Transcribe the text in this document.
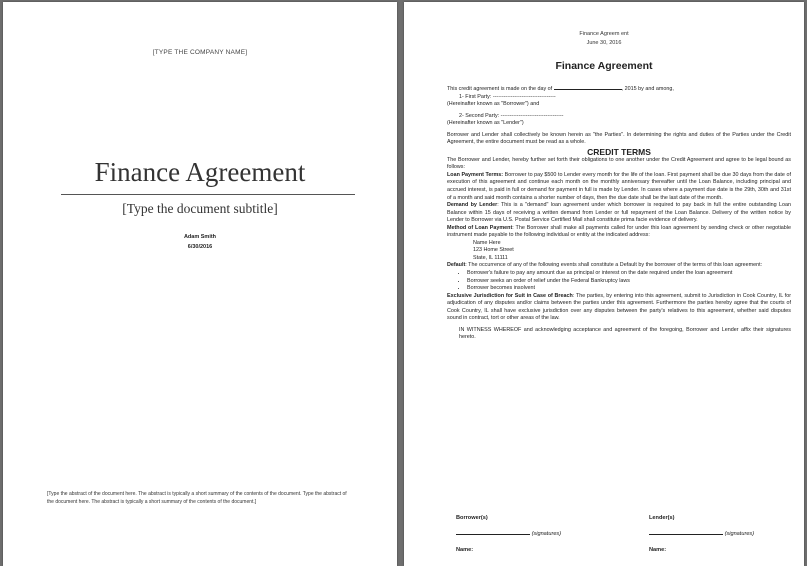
[TYPE THE COMPANY NAME]
Finance Agreement
[Type the document subtitle]
Adam Smith
6/30/2016
[Type the abstract of the document here. The abstract is typically a short summary of the contents of the document. Type the abstract of the document here. The abstract is typically a short summary of the contents of the document.]
Finance Agreem ent
June 30, 2016
Finance Agreement

This credit agreement is made on the day of	, 2015 by and among,

1- First Party: -----------------------------------

(Hereinafter known as "Borrower") and

2- Second Party: -----------------------------------

(Hereinafter known as "Lender")

Borrower and Lender shall collectively be known herein as "the Parties". In determining the rights and duties of the Parties under the Credit Agreement, the entire document must be read as a whole.

CREDIT TERMS

The Borrower and Lender, hereby further set forth their obligations to one another under the Credit Agreement and agree to be legal bound as follows:

Loan Payment Terms: Borrower to pay $500 to Lender every month for the life of the loan. First payment shall be due 30 days from the date of execution of this agreement and continue each month on the monthly anniversary thereafter until the Loan Balance, including principal and accrued interest, is paid in full or demand for payment in full is made by Lender. In cases where a payment due date is the 29th, 30th and 31st of a month and said month contains a shorter number of days, then the due date shall be the last date of the month.

Demand by Lender: This is a "demand" loan agreement under which borrower is required to pay back in full the entire outstanding Loan Balance within 15 days of receiving a written demand from Lender or full repayment of the Loan Balance. Delivery of the written notice by Lender to Borrower via U.S. Postal Service Certified Mail shall constitute prima facie evidence of delivery.

Method of Loan Payment: The Borrower shall make all payments called for under this loan agreement by sending check or other negotiable instrument made payable to the following individual or entity at the indicated address:

Name Here

123 Home Street

State, IL 11111

Default: The occurrence of any of the following events shall constitute a Default by the borrower of the terms of this loan agreement:

• Borrower's failure to pay any amount due as principal or interest on the date required under the loan agreement
• Borrower seeks an order of relief under the Federal Bankruptcy laws
• Borrower becomes insolvent

Exclusive Jurisdiction for Suit in Case of Breach: The parties, by entering into this agreement, submit to Jurisdiction in Cook Country, IL for adjudication of any disputes and/or claims between the parties under this agreement. Furthermore the parties hereby agree that the courts of Cook Country, IL shall have exclusive jurisdiction over any disputes between the party's relatives to this agreement, whether said disputes sound in contract, tort or other areas of the law.

IN WITNESS WHEREOF and acknowledging acceptance and agreement of the foregoing, Borrower and Lender affix their signatures hereto.

Borrower(s)	Lender(s)
(signatures)	(signatures)
Name:	Name:
